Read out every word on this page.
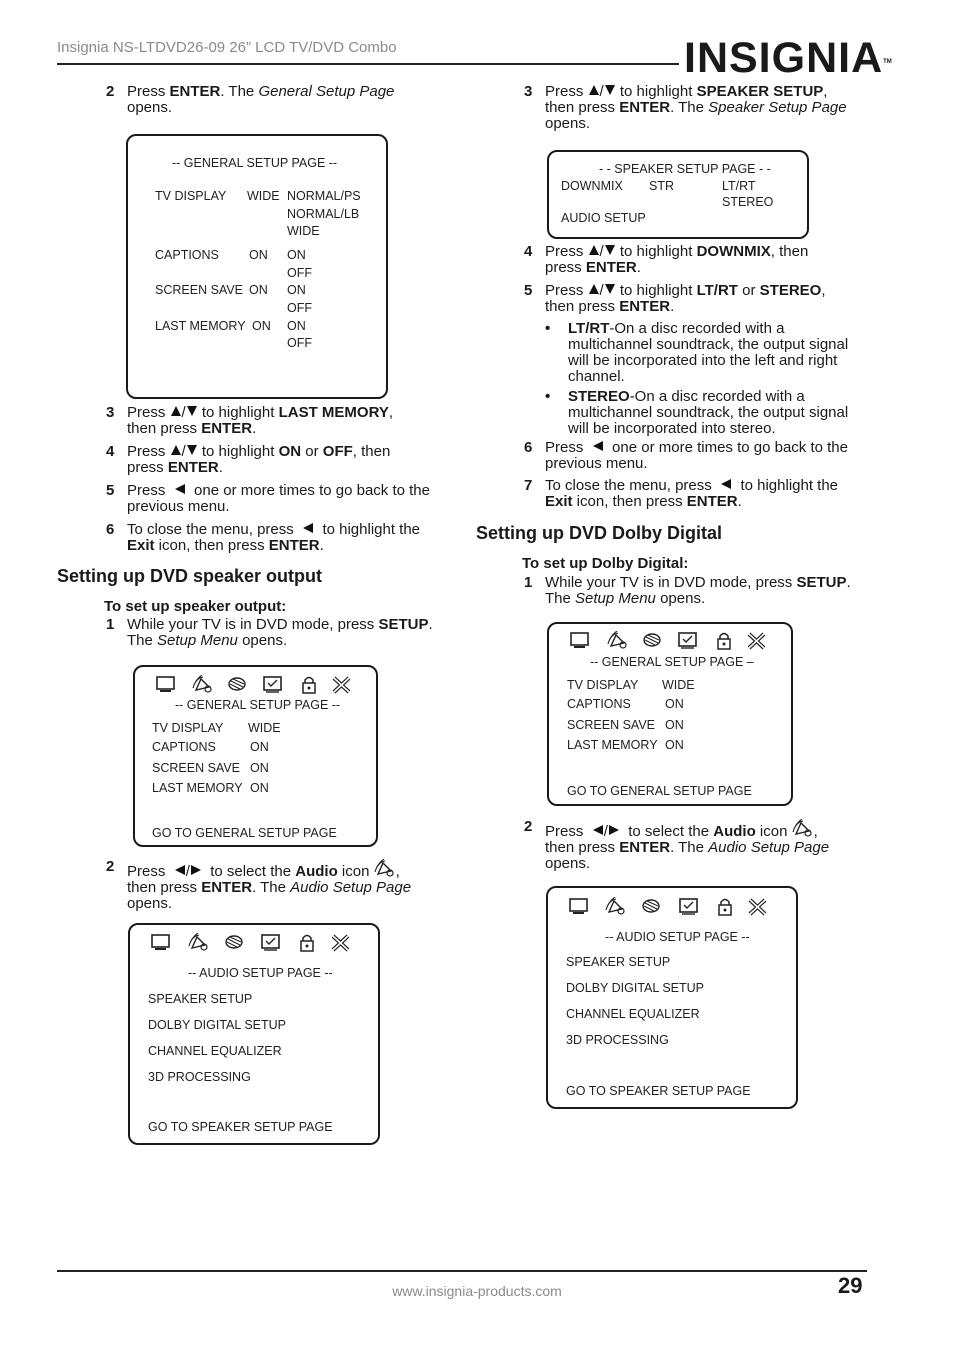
Insignia NS-LTDVD26-09 26” LCD TV/DVD Combo	INSIGNIA™
2 Press ENTER. The General Setup Page
opens.
-- GENERAL SETUP PAGE --
TV DISPLAY WIDE NORMAL/PS
NORMAL/LB
WIDE
CAPTIONS ON ON
OFF
SCREEN SAVE ON ON
OFF
LAST MEMORY ON ON
OFF
3 Press / to highlight LAST MEMORY,
then press ENTER.
4 Press / to highlight ON or OFF, then
press ENTER.
5 Press one or more times to go back to the
previous menu.
6 To close the menu, press to highlight the
Exit icon, then press ENTER.
Setting up DVD speaker output
To set up speaker output:
1 While your TV is in DVD mode, press SETUP.
The Setup Menu opens.
-- GENERAL SETUP PAGE --
TV DISPLAY WIDE
CAPTIONS	ON
SCREEN SAVE ON
LAST MEMORY ON
GO TO GENERAL SETUP PAGE
2 Press / to select the Audio icon ,
then press ENTER. The Audio Setup Page
opens.
-- AUDIO SETUP PAGE --
SPEAKER SETUP
DOLBY DIGITAL SETUP
CHANNEL EQUALIZER
3D PROCESSING
GO TO SPEAKER SETUP PAGE
3 Press / to highlight SPEAKER SETUP,
then press ENTER. The Speaker Setup Page
opens.
- - SPEAKER SETUP PAGE - -
DOWNMIX STR	LT/RT
STEREO
AUDIO SETUP
4 Press / to highlight DOWNMIX, then
press ENTER.
5 Press / to highlight LT/RT or STEREO,
then press ENTER.
• LT/RT-On a disc recorded with a
multichannel soundtrack, the output signal
will be incorporated into the left and right
channel.
• STEREO-On a disc recorded with a
multichannel soundtrack, the output signal
will be incorporated into stereo.
6 Press one or more times to go back to the
previous menu.
7 To close the menu, press to highlight the
Exit icon, then press ENTER.
Setting up DVD Dolby Digital
To set up Dolby Digital:
1 While your TV is in DVD mode, press SETUP.
The Setup Menu opens.
-- GENERAL SETUP PAGE –
TV DISPLAY WIDE
CAPTIONS	ON
SCREEN SAVE ON
LAST MEMORY ON
GO TO GENERAL SETUP PAGE
2 Press / to select the Audio icon ,
then press ENTER. The Audio Setup Page
opens.
-- AUDIO SETUP PAGE --
SPEAKER SETUP
DOLBY DIGITAL SETUP
CHANNEL EQUALIZER
3D PROCESSING
GO TO SPEAKER SETUP PAGE
www.insignia-products.com	29
